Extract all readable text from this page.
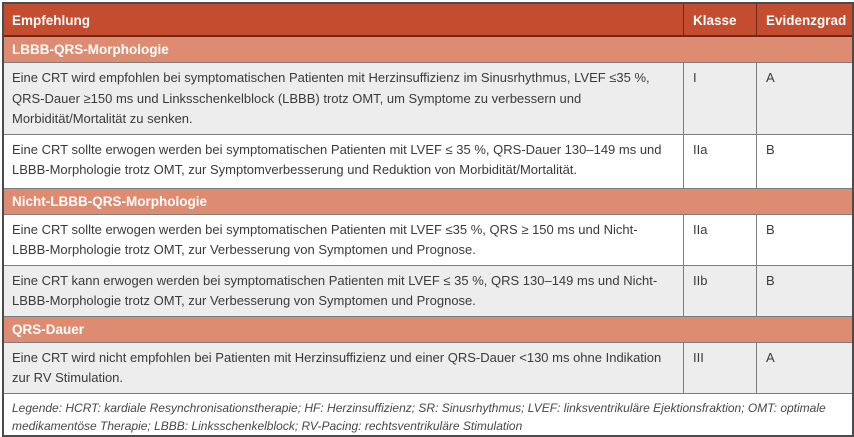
Empfehlung	Klasse	Evidenzgrad
LBBB-QRS-Morphologie
Eine CRT wird empfohlen bei symptomatischen Patienten mit Herzinsuffizienz im Sinusrhythmus, LVEF ≤35 %, QRS-Dauer ≥150 ms und Linksschenkelblock (LBBB) trotz OMT, um Symptome zu verbessern und Morbidität/Mortalität zu senken.
I	A
Eine CRT sollte erwogen werden bei symptomatischen Patienten mit LVEF ≤ 35 %, QRS-Dauer 130–149 ms und LBBB-Morphologie trotz OMT, zur Symptomverbesserung und Reduktion von Morbidität/Mortalität.
IIa	B
Nicht-LBBB-QRS-Morphologie
Eine CRT sollte erwogen werden bei symptomatischen Patienten mit LVEF ≤35 %, QRS ≥ 150 ms und Nicht-LBBB-Morphologie trotz OMT, zur Verbesserung von Symptomen und Prognose.
IIa	B
Eine CRT kann erwogen werden bei symptomatischen Patienten mit LVEF ≤ 35 %, QRS 130–149 ms und Nicht-LBBB-Morphologie trotz OMT, zur Verbesserung von Symptomen und Prognose.
IIb	B
QRS-Dauer
Eine CRT wird nicht empfohlen bei Patienten mit Herzinsuffizienz und einer QRS-Dauer <130 ms ohne Indikation zur RV Stimulation.
III	A
Legende: HCRT: kardiale Resynchronisationstherapie; HF: Herzinsuffizienz; SR: Sinusrhythmus; LVEF: linksventrikuläre Ejektionsfraktion; OMT: optimale medikamentöse Therapie; LBBB: Linksschenkelblock; RV-Pacing: rechtsventrikuläre Stimulation
